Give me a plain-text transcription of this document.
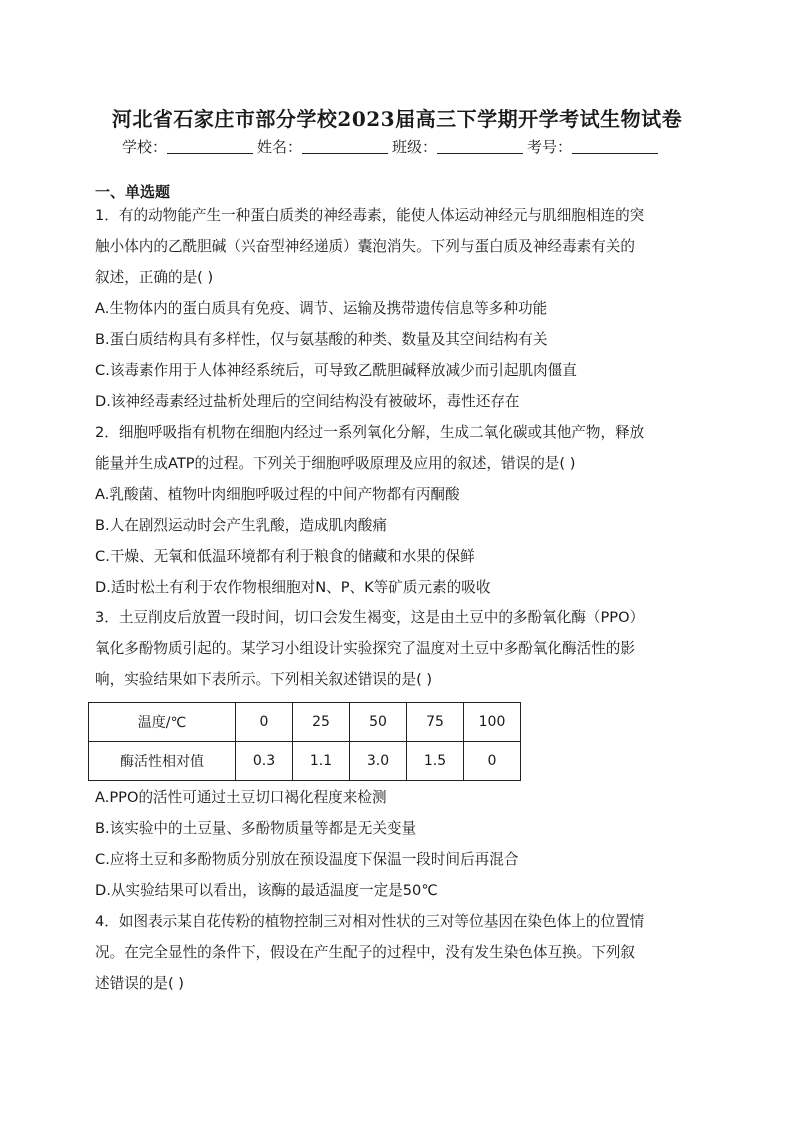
河北省石家庄市部分学校2023届高三下学期开学考试生物试卷
学校：	姓名：	班级：	考号：
一、单选题
1．有的动物能产生一种蛋白质类的神经毒素，能使人体运动神经元与肌细胞相连的突
触小体内的乙酰胆碱（兴奋型神经递质）囊泡消失。下列与蛋白质及神经毒素有关的
叙述，正确的是( )
A.生物体内的蛋白质具有免疫、调节、运输及携带遗传信息等多种功能
B.蛋白质结构具有多样性，仅与氨基酸的种类、数量及其空间结构有关
C.该毒素作用于人体神经系统后，可导致乙酰胆碱释放减少而引起肌肉僵直
D.该神经毒素经过盐析处理后的空间结构没有被破坏，毒性还存在
2．细胞呼吸指有机物在细胞内经过一系列氧化分解，生成二氧化碳或其他产物，释放
能量并生成ATP的过程。下列关于细胞呼吸原理及应用的叙述，错误的是( )
A.乳酸菌、植物叶肉细胞呼吸过程的中间产物都有丙酮酸
B.人在剧烈运动时会产生乳酸，造成肌肉酸痛
C.干燥、无氧和低温环境都有利于粮食的储藏和水果的保鲜
D.适时松土有利于农作物根细胞对N、P、K等矿质元素的吸收
3．土豆削皮后放置一段时间，切口会发生褐变，这是由土豆中的多酚氧化酶（PPO）
氧化多酚物质引起的。某学习小组设计实验探究了温度对土豆中多酚氧化酶活性的影
响，实验结果如下表所示。下列相关叙述错误的是( )
温度/℃	0	25	50	75	100
酶活性相对值	0.3	1.1	3.0	1.5	0
A.PPO的活性可通过土豆切口褐化程度来检测
B.该实验中的土豆量、多酚物质量等都是无关变量
C.应将土豆和多酚物质分别放在预设温度下保温一段时间后再混合
D.从实验结果可以看出，该酶的最适温度一定是50℃
4．如图表示某自花传粉的植物控制三对相对性状的三对等位基因在染色体上的位置情
况。在完全显性的条件下，假设在产生配子的过程中，没有发生染色体互换。下列叙
述错误的是( )
